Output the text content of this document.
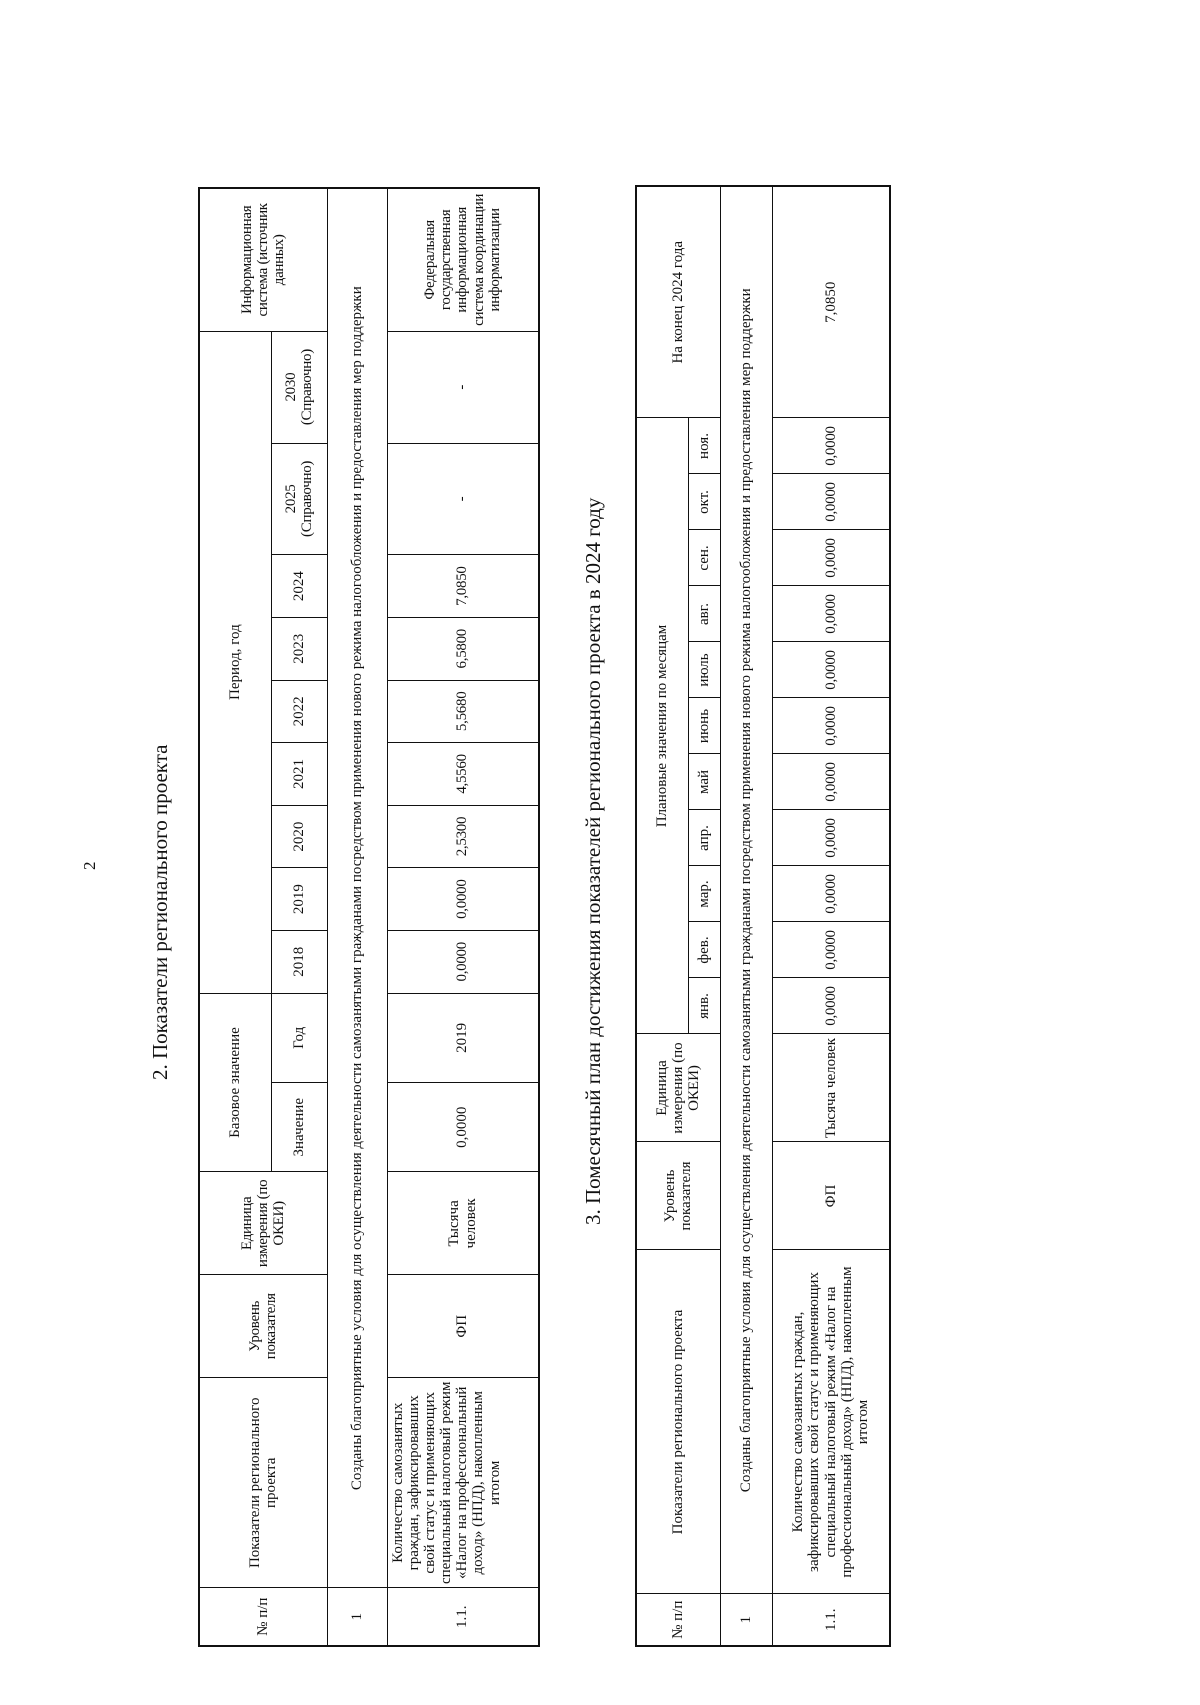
2 2. Показатели регионального проекта
№ п/п	Показатели регионального проекта	Уровень показателя	Единица измерения (по ОКЕИ)	Базовое значение		Период, год									Информационная система (источник данных)
				Значение	Год	2018	2019	2020	2021	2022	2023	2024	2025 (Справочно)	2030 (Справочно)	
1	Созданы благоприятные условия для осуществления деятельности самозанятыми гражданами посредством применения нового режима налогообложения и предоставления мер поддержки														
1.1.	Количество самозанятых граждан, зафиксировавших свой статус и применяющих специальный налоговый режим «Налог на профессиональный доход» (НПД), накопленным итогом	ФП	Тысяча человек	0,0000	2019	0,0000	0,0000	2,5300	4,5560	5,5680	6,5800	7,0850	-	-	Федеральная государственная информационная система координации информатизации
3. Помесячный план достижения показателей регионального проекта в 2024 году
№ п/п	Показатели регионального проекта	Уровень показателя	Единица измерения (по ОКЕИ)	Плановые значения по месяцам											На конец 2024 года
				янв.	фев.	мар.	апр.	май	июнь	июль	авг.	сен.	окт.	ноя.	
1	Созданы благоприятные условия для осуществления деятельности самозанятыми гражданами посредством применения нового режима налогообложения и предоставления мер поддержки														
1.1.	Количество самозанятых граждан, зафиксировавших свой статус и применяющих специальный налоговый режим «Налог на профессиональный доход» (НПД), накопленным итогом	ФП	Тысяча человек	0,0000	0,0000	0,0000	0,0000	0,0000	0,0000	0,0000	0,0000	0,0000	0,0000	0,0000	7,0850
